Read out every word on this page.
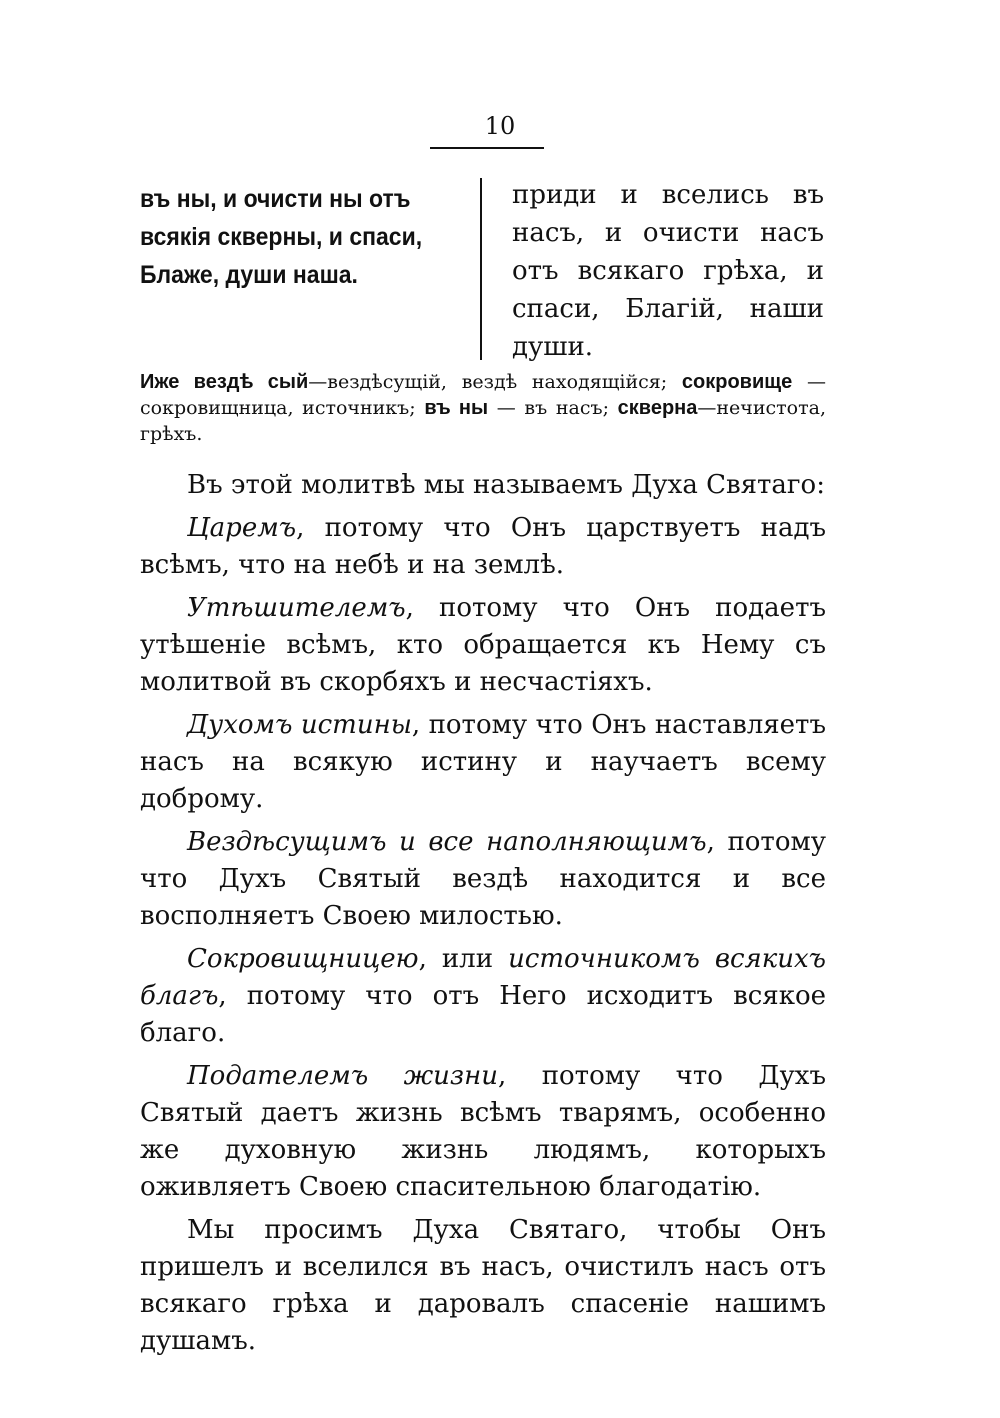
10
въ ны, и очисти ны отъ всякія скверны, и спаси, Блаже, души наша.
приди и вселись въ насъ, и очисти насъ отъ всякаго грѣха, и спаси, Благій, наши души.
Иже вездѣ сый—вездѣсущій, вездѣ находящійся; сокровище — сокровищница, источникъ; въ ны — въ насъ; скверна—нечистота, грѣхъ.

Въ этой молитвѣ мы называемъ Духа Святаго:

Царемъ, потому что Онъ царствуетъ надъ всѣмъ, что на небѣ и на землѣ.

Утѣшителемъ, потому что Онъ подаетъ утѣшеніе всѣмъ, кто обращается къ Нему съ молитвой въ скорбяхъ и несчастіяхъ.

Духомъ истины, потому что Онъ наставляетъ насъ на всякую истину и научаетъ всему доброму.

Вездѣсущимъ и все наполняющимъ, потому что Духъ Святый вездѣ находится и все восполняетъ Своею милостью.

Сокровищницею, или источникомъ всякихъ благъ, потому что отъ Него исходитъ всякое благо.

Подателемъ жизни, потому что Духъ Святый даетъ жизнь всѣмъ тварямъ, особенно же духовную жизнь людямъ, которыхъ оживляетъ Своею спасительною благодатію.

Мы просимъ Духа Святаго, чтобы Онъ пришелъ и вселился въ насъ, очистилъ насъ отъ всякаго грѣха и даровалъ спасеніе нашимъ душамъ.
